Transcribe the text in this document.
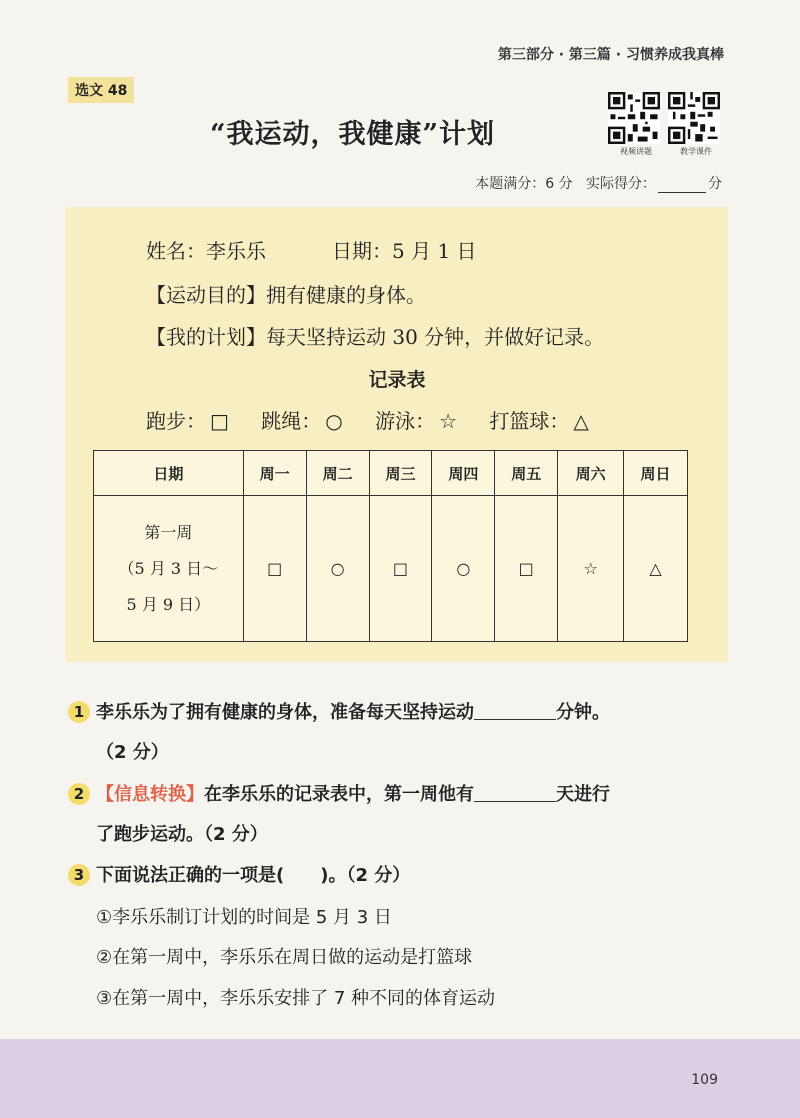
第三部分 · 第三篇 · 习惯养成我真棒
选文 48
“我运动，我健康”计划
视频讲题	教学课件
本题满分：6 分 实际得分：	分
姓名：李乐乐	日期：5 月 1 日
【运动目的】拥有健康的身体。
【我的计划】每天坚持运动 30 分钟，并做好记录。
记录表
跑步： □ 跳绳： ○ 游泳： ☆ 打篮球： △
日期	周一	周二	周三	周四	周五	周六	周日

第一周
（5 月 3 日～
5 月 9 日）	□	○	□	○	□	☆	△
1 李乐乐为了拥有健康的身体，准备每天坚持运动	分钟。
（2 分）
2 【信息转换】在李乐乐的记录表中，第一周他有	天进行
了跑步运动。（2 分）
3 下面说法正确的一项是(　　)。（2 分）
①李乐乐制订计划的时间是 5 月 3 日
②在第一周中，李乐乐在周日做的运动是打篮球
③在第一周中，李乐乐安排了 7 种不同的体育运动
109
